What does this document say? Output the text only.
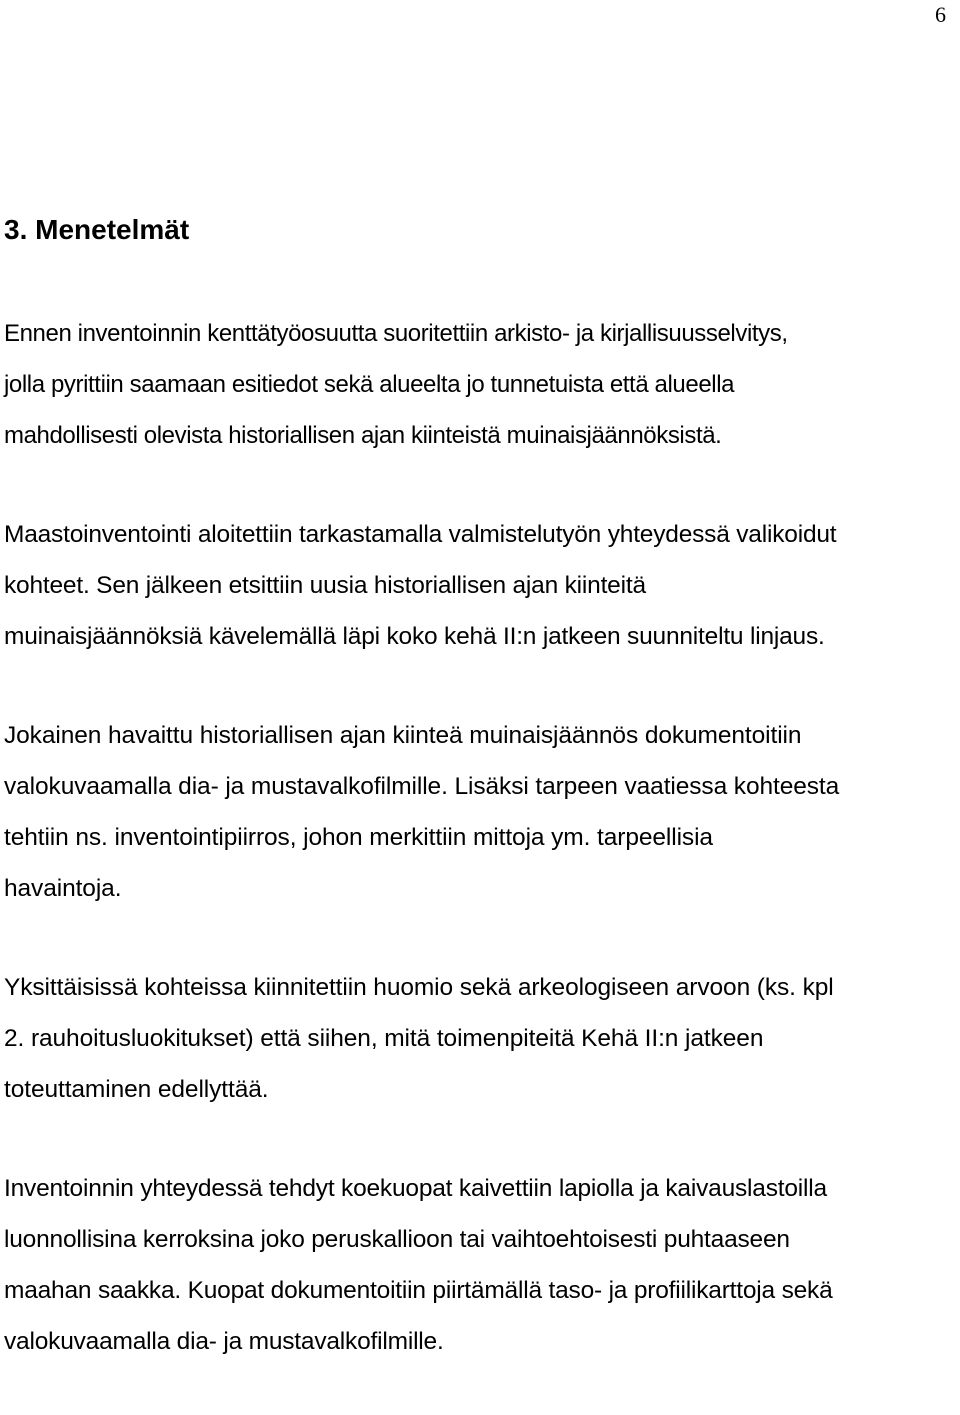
6
3. Menetelmät

Ennen inventoinnin kenttätyöosuutta suoritettiin arkisto- ja kirjallisuusselvitys,
jolla pyrittiin saamaan esitiedot sekä alueelta jo tunnetuista että alueella
mahdollisesti olevista historiallisen ajan kiinteistä muinaisjäännöksistä.

Maastoinventointi aloitettiin tarkastamalla valmistelutyön yhteydessä valikoidut
kohteet. Sen jälkeen etsittiin uusia historiallisen ajan kiinteitä
muinaisjäännöksiä kävelemällä läpi koko kehä II:n jatkeen suunniteltu linjaus.

Jokainen havaittu historiallisen ajan kiinteä muinaisjäännös dokumentoitiin
valokuvaamalla dia- ja mustavalkofilmille. Lisäksi tarpeen vaatiessa kohteesta
tehtiin ns. inventointipiirros, johon merkittiin mittoja ym. tarpeellisia
havaintoja.

Yksittäisissä kohteissa kiinnitettiin huomio sekä arkeologiseen arvoon (ks. kpl
2. rauhoitusluokitukset) että siihen, mitä toimenpiteitä Kehä II:n jatkeen
toteuttaminen edellyttää.

Inventoinnin yhteydessä tehdyt koekuopat kaivettiin lapiolla ja kaivauslastoilla
luonnollisina kerroksina joko peruskallioon tai vaihtoehtoisesti puhtaaseen
maahan saakka. Kuopat dokumentoitiin piirtämällä taso- ja profiilikarttoja sekä
valokuvaamalla dia- ja mustavalkofilmille.
